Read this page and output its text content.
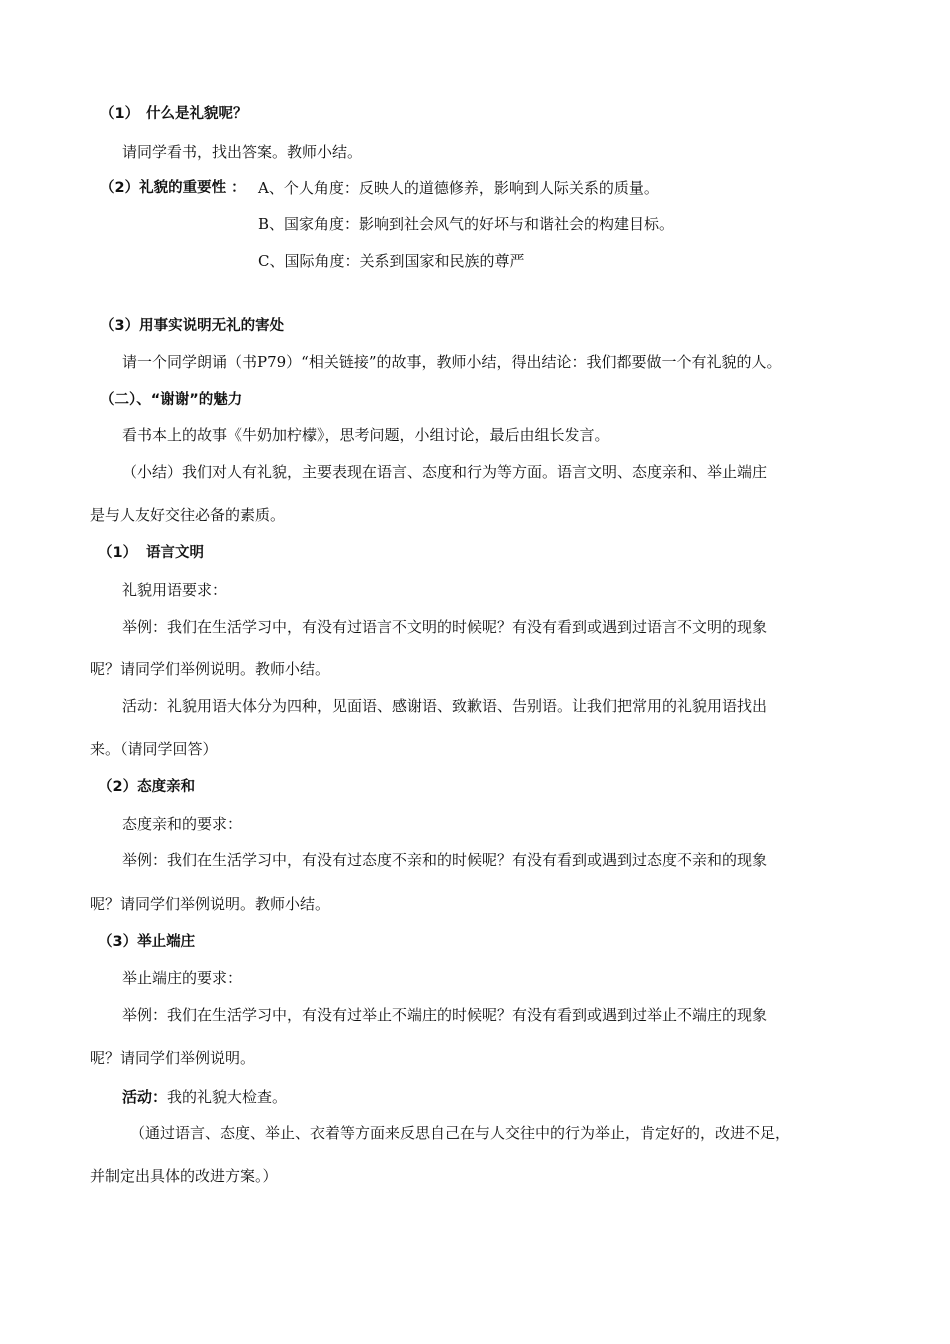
（1） 什么是礼貌呢？
请同学看书，找出答案。教师小结。
（2）礼貌的重要性 ： A、个人角度：反映人的道德修养，影响到人际关系的质量。
B、国家角度：影响到社会风气的好坏与和谐社会的构建目标。
C、国际角度：关系到国家和民族的尊严
（3）用事实说明无礼的害处
请一个同学朗诵（书P79）“相关链接”的故事，教师小结，得出结论：我们都要做一个有礼貌的人。
（二）、“谢谢”的魅力
看书本上的故事《牛奶加柠檬》，思考问题，小组讨论，最后由组长发言。
（小结）我们对人有礼貌，主要表现在语言、态度和行为等方面。语言文明、态度亲和、举止端庄
是与人友好交往必备的素质。
（1） 语言文明
礼貌用语要求：
举例：我们在生活学习中，有没有过语言不文明的时候呢？有没有看到或遇到过语言不文明的现象
呢？请同学们举例说明。教师小结。
活动：礼貌用语大体分为四种，见面语、感谢语、致歉语、告别语。让我们把常用的礼貌用语找出
来。（请同学回答）
（2）态度亲和
态度亲和的要求：
举例：我们在生活学习中，有没有过态度不亲和的时候呢？有没有看到或遇到过态度不亲和的现象
呢？请同学们举例说明。教师小结。
（3）举止端庄
举止端庄的要求：
举例：我们在生活学习中，有没有过举止不端庄的时候呢？有没有看到或遇到过举止不端庄的现象
呢？请同学们举例说明。
活动：我的礼貌大检查。
（通过语言、态度、举止、衣着等方面来反思自己在与人交往中的行为举止，肯定好的，改进不足，
并制定出具体的改进方案。）
